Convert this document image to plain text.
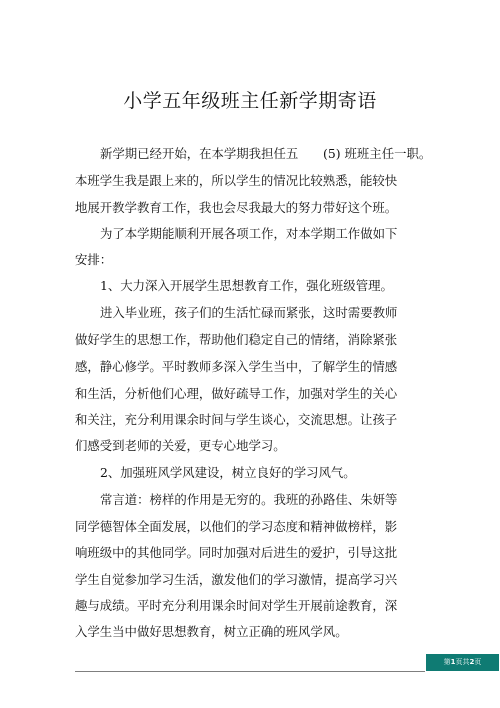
小学五年级班主任新学期寄语
新学期已经开始，在本学期我担任五　　(5) 班班主任一职。
本班学生我是跟上来的，所以学生的情况比较熟悉，能较快
地展开教学教育工作，我也会尽我最大的努力带好这个班。
为了本学期能顺利开展各项工作，对本学期工作做如下
安排：
1、大力深入开展学生思想教育工作，强化班级管理。
进入毕业班，孩子们的生活忙碌而紧张，这时需要教师
做好学生的思想工作，帮助他们稳定自己的情绪，消除紧张
感，静心修学。平时教师多深入学生当中，了解学生的情感
和生活，分析他们心理，做好疏导工作，加强对学生的关心
和关注，充分利用课余时间与学生谈心，交流思想。让孩子
们感受到老师的关爱，更专心地学习。
2、加强班风学风建设，树立良好的学习风气。
常言道：榜样的作用是无穷的。我班的孙路佳、朱妍等
同学德智体全面发展，以他们的学习态度和精神做榜样，影
响班级中的其他同学。同时加强对后进生的爱护，引导这批
学生自觉参加学习生活，激发他们的学习激情，提高学习兴
趣与成绩。平时充分利用课余时间对学生开展前途教育，深
入学生当中做好思想教育，树立正确的班风学风。
第1页共2页
